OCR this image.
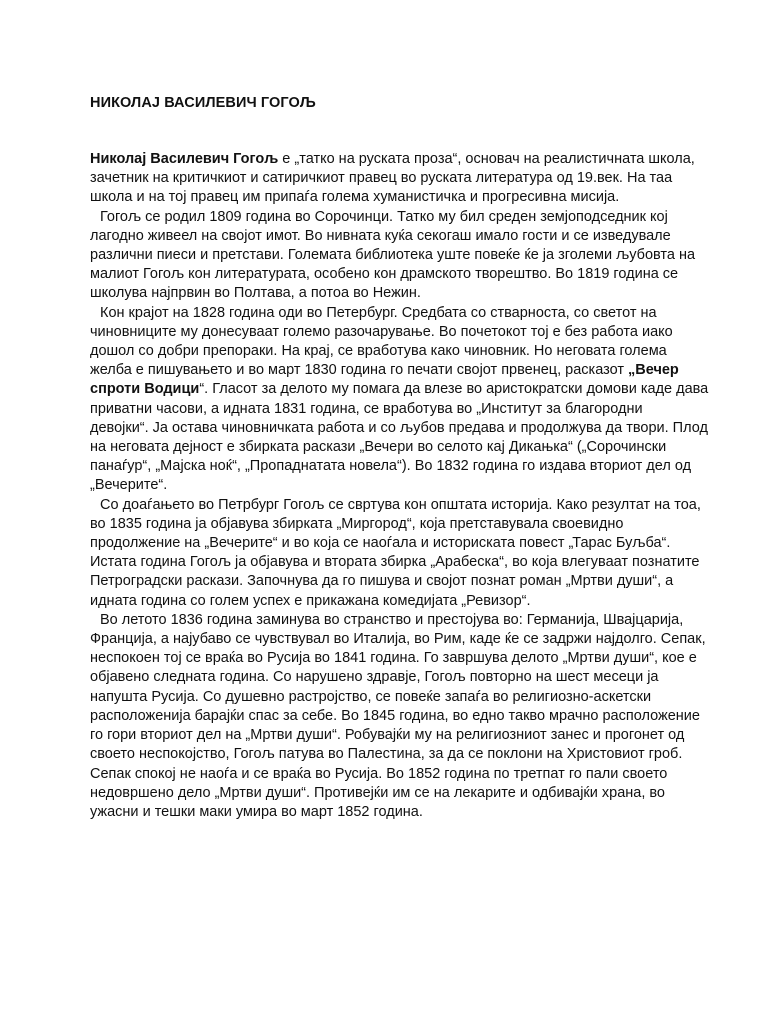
НИКОЛАЈ ВАСИЛЕВИЧ ГОГОЉ

Николај Василевич Гогољ е „татко на руската проза“, основач на реалистичната школа,
зачетник на критичкиот и сатиричкиот правец во руската литература од 19.век. На таа
школа и на тој правец им припаѓа голема хуманистичка и прогресивна мисија.

Гогољ се родил 1809 година во Сорочинци. Татко му бил среден земјоподседник кој
лагодно живеел на својот имот. Во нивната куќа секогаш имало гости и се изведувале
различни пиеси и претстави. Големата библиотека уште повеќе ќе ја зголеми љубовта на
малиот Гогољ кон литературата, особено кон драмското творештво. Во 1819 година се
школува најпрвин во Полтава, а потоа во Нежин.

Кон крајот на 1828 година оди во Петербург. Средбата со стварноста, со светот на
чиновниците му донесуваат големо разочарување. Во почетокот тој е без работа иако
дошол со добри препораки. На крај, се вработува како чиновник. Но неговата голема
желба е пишувањето и во март 1830 година го печати својот првенец, расказот „Вечер
спроти Водици“. Гласот за делото му помага да влезе во аристократски домови каде дава
приватни часови, а идната 1831 година, се вработува во „Институт за благородни
девојки“. Ја остава чиновничката работа и со љубов предава и продолжува да твори. Плод
на неговата дејност е збирката раскази „Вечери во селото кај Дикањка“ („Сорочински
панаѓур“, „Мајска ноќ“, „Пропаднатата новела“). Во 1832 година го издава вториот дел од
„Вечерите“.

Со доаѓањето во Петрбург Гогољ се свртува кон општата историја. Како резултат на тоа,
во 1835 година ја објавува збирката „Миргород“, која претставувала своевидно
продолжение на „Вечерите“ и во која се наоѓала и историската повест „Тарас Буљба“.
Истата година Гогољ ја објавува и втората збирка „Арабеска“, во која влегуваат познатите
Петроградски раскази. Започнува да го пишува и својот познат роман „Мртви души“, а
идната година со голем успех е прикажана комедијата „Ревизор“.

Во летото 1836 година заминува во странство и престојува во: Германија, Швајцарија,
Франција, а најубаво се чувствувал во Италија, во Рим, каде ќе се задржи најдолго. Сепак,
неспокоен тој се враќа во Русија во 1841 година. Го завршува делото „Мртви души“, кое е
објавено следната година. Со нарушено здравје, Гогољ повторно на шест месеци ја
напушта Русија. Со душевно растројство, се повеќе запаѓа во религиозно-аскетски
расположенија барајќи спас за себе. Во 1845 година, во едно такво мрачно расположение
го гори вториот дел на „Мртви души“. Робувајќи му на религиозниот занес и прогонет од
своето неспокојство, Гогољ патува во Палестина, за да се поклони на Христовиот гроб.
Сепак спокој не наоѓа и се враќа во Русија. Во 1852 година по третпат го пали своето
недовршено дело „Мртви души“. Противејќи им се на лекарите и одбивајќи храна, во
ужасни и тешки маки умира во март 1852 година.
